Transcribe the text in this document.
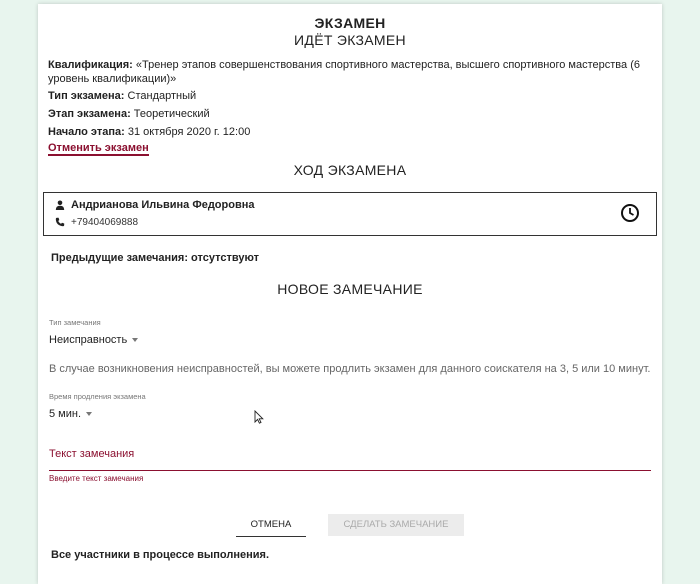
ЭКЗАМЕН
ИДЁТ ЭКЗАМЕН
Квалификация: «Тренер этапов совершенствования спортивного мастерства, высшего спортивного мастерства (6 уровень квалификации)»
Тип экзамена: Стандартный
Этап экзамена: Теоретический
Начало этапа: 31 октября 2020 г. 12:00
Отменить экзамен
ХОД ЭКЗАМЕНА
Андрианова Ильвина Федоровна
+79404069888
Предыдущие замечания: отсутствуют
НОВОЕ ЗАМЕЧАНИЕ
Тип замечания
Неисправность
В случае возникновения неисправностей, вы можете продлить экзамен для данного соискателя на 3, 5 или 10 минут.
Время продления экзамена
5 мин.
Текст замечания
Введите текст замечания
ОТМЕНА	СДЕЛАТЬ ЗАМЕЧАНИЕ
Все участники в процессе выполнения.
